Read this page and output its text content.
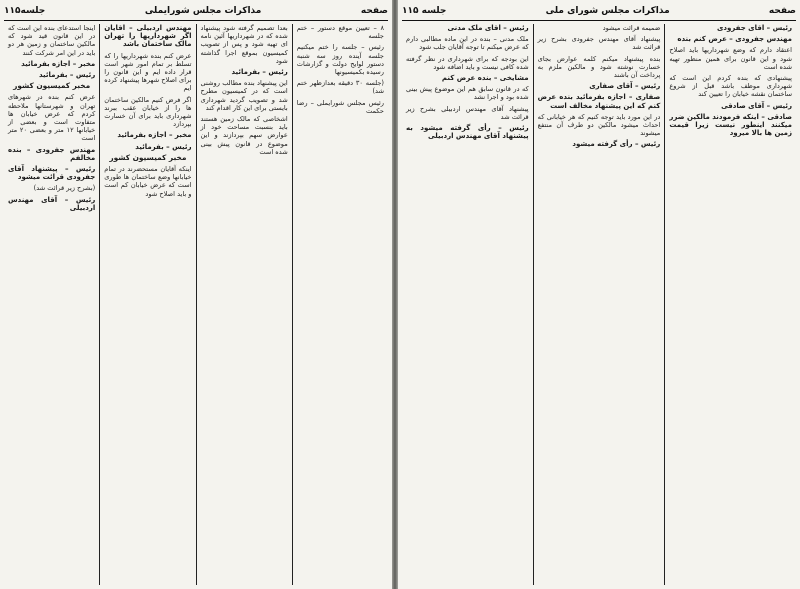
صفحه
مذاکرات مجلس شورایملی
جلسه۱۱۵

۸ – تعیین موقع دستور – ختم جلسه

رئیس – جلسه را ختم میکنیم جلسه آینده روز سه شنبه دستور لوایح دولت و گزارشات رسیده بکمیسیونها

(جلسه ۳۰ دقیقه بعدازظهر ختم شد)

رئیس مجلس شورایملی – رضا حکمت

بعدا تصمیم گرفته شود پیشنهاد شده که در شهرداریها آئین نامه ای تهیه شود و پس از تصویب کمیسیون بموقع اجرا گذاشته شود

رئیس – بفرمائید

این پیشنهاد بنده مطالب روشنی است که در کمیسیون مطرح شد و تصویب گردید شهرداری بایستی برای این کار اقدام کند

اشخاصی که مالک زمین هستند باید بنسبت مساحت خود از عوارض سهم بپردازند و این موضوع در قانون پیش بینی شده است

مهندس اردبیلی – آقایان اگر شهرداریها را تهران مالک ساختمان باشد

عرض کنم بنده شهرداریها را که تسلط بر تمام امور شهر است قرار داده ایم و این قانون را برای اصلاح شهرها پیشنهاد کرده ایم

اگر فرض کنیم مالکین ساختمان ها را از خیابان عقب ببرند شهرداری باید برای آن خسارت بپردازد

مخبر – اجازه بفرمائید

رئیس – بفرمائید

مخبر کمیسیون کشور

اینکه آقایان مستحضرند در تمام خیابانها وضع ساختمان ها طوری است که عرض خیابان کم است و باید اصلاح شود

اینجا استدعای بنده این است که در این قانون قید شود که مالکین ساختمان و زمین هر دو باید در این امر شرکت کنند

مخبر – اجازه بفرمائید

رئیس – بفرمائید

مخبر کمیسیون کشور

عرض کنم بنده در شهرهای تهران و شهرستانها ملاحظه کردم که عرض خیابان ها متفاوت است و بعضی از خیابانها ۱۲ متر و بعضی ۲۰ متر است

مهندس جفرودی – بنده مخالفم

رئیس – پیشنهاد آقای جفرودی قرائت میشود

(بشرح زیر قرائت شد)

رئیس – آقای مهندس اردبیلی

صفحه
مذاکرات مجلس شورای ملی
جلسه ۱۱۵

رئیس – آقای جفرودی

مهندس جفرودی – عرض کنم بنده

اعتقاد دارم که وضع شهرداریها باید اصلاح شود و این قانون برای همین منظور تهیه شده است

پیشنهادی که بنده کردم این است که شهرداری موظف باشد قبل از شروع ساختمان نقشه خیابان را تعیین کند

رئیس – آقای صادقی

صادقی – اینکه فرمودند مالکین ضرر میکنند اینطور نیست زیرا قیمت زمین ها بالا میرود

ضمیمه قرائت میشود

پیشنهاد آقای مهندس جفرودی بشرح زیر قرائت شد

بنده پیشنهاد میکنم کلمه عوارض بجای خسارت نوشته شود و مالکین ملزم به پرداخت آن باشند

رئیس – آقای صفاری

صفاری – اجازه بفرمائید بنده عرض کنم که این پیشنهاد مخالف است

در این مورد باید توجه کنیم که هر خیابانی که احداث میشود مالکین دو طرف آن منتفع میشوند

رئیس – رأی گرفته میشود

رئیس – آقای ملک مدنی

ملک مدنی – بنده در این ماده مطالبی دارم که عرض میکنم تا توجه آقایان جلب شود

این بودجه که برای شهرداری در نظر گرفته شده کافی نیست و باید اضافه شود

مشایخی – بنده عرض کنم

که در قانون سابق هم این موضوع پیش بینی شده بود و اجرا نشد

پیشنهاد آقای مهندس اردبیلی بشرح زیر قرائت شد

رئیس – رأی گرفته میشود به پیشنهاد آقای مهندس اردبیلی
